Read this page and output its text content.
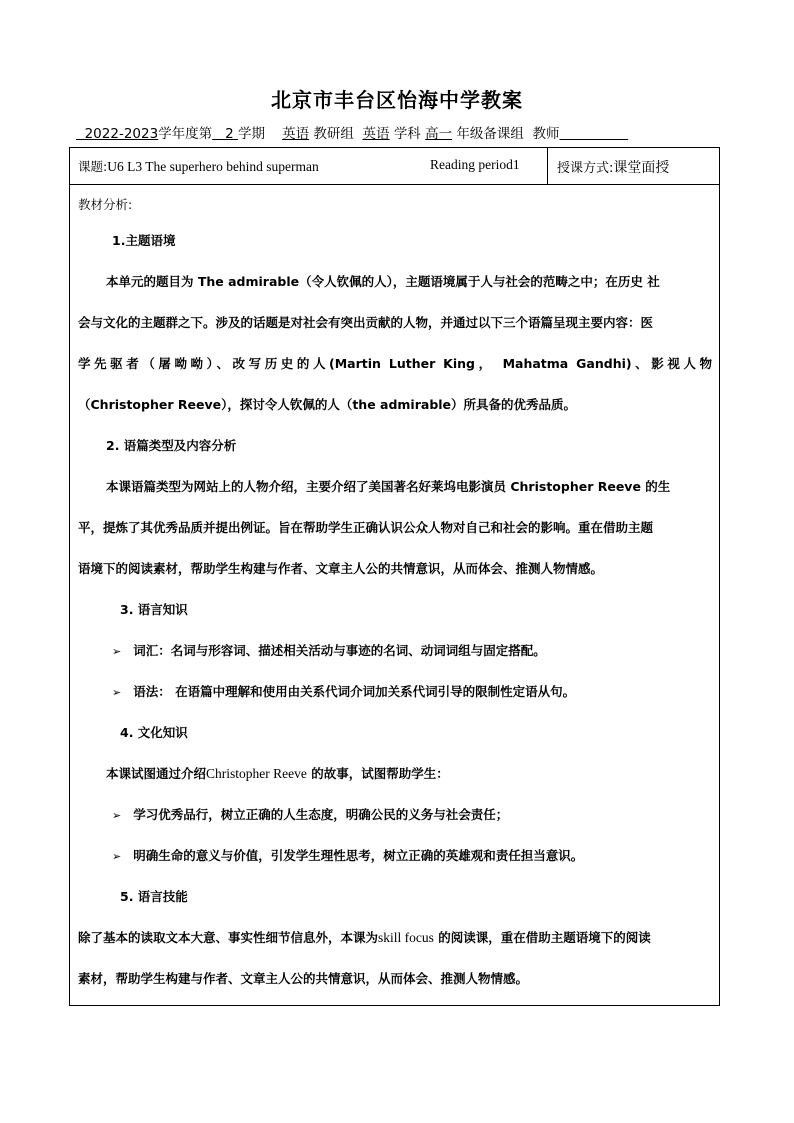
北京市丰台区怡海中学教案
2022-2023学年度第 2 学期 英语 教研组 英语 学科 高一 年级备课组 教师
课题:U6 L3 The superhero behind superman	Reading period1	授课方式:课堂面授
教材分析:
1.主题语境
本单元的题目为 The admirable（令人钦佩的人），主题语境属于人与社会的范畴之中；在历史 社
会与文化的主题群之下。涉及的话题是对社会有突出贡献的人物，并通过以下三个语篇呈现主要内容：医
学先驱者（屠呦呦）、改写历史的人(Martin Luther King， Mahatma Gandhi)、影视人物
（Christopher Reeve），探讨令人钦佩的人（the admirable）所具备的优秀品质。
2. 语篇类型及内容分析
本课语篇类型为网站上的人物介绍，主要介绍了美国著名好莱坞电影演员 Christopher Reeve 的生
平，提炼了其优秀品质并提出例证。旨在帮助学生正确认识公众人物对自己和社会的影响。重在借助主题
语境下的阅读素材，帮助学生构建与作者、文章主人公的共情意识，从而体会、推测人物情感。
3. 语言知识
➢ 词汇：名词与形容词、描述相关活动与事迹的名词、动词词组与固定搭配。
➢ 语法： 在语篇中理解和使用由关系代词介词加关系代词引导的限制性定语从句。
4. 文化知识
本课试图通过介绍Christopher Reeve 的故事，试图帮助学生：
➢ 学习优秀品行，树立正确的人生态度，明确公民的义务与社会责任；
➢ 明确生命的意义与价值，引发学生理性思考，树立正确的英雄观和责任担当意识。
5. 语言技能
除了基本的读取文本大意、事实性细节信息外，本课为skill focus 的阅读课，重在借助主题语境下的阅读
素材，帮助学生构建与作者、文章主人公的共情意识，从而体会、推测人物情感。
